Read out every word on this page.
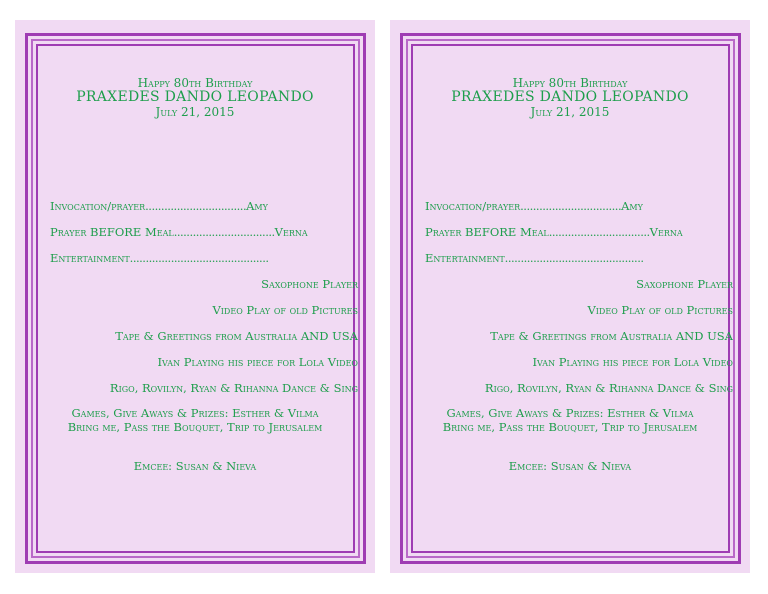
Happy 80th Birthday
PRAXEDES DANDO LEOPANDO
July 21, 2015
Invocation/prayer................................Amy
Prayer BEFORE Meal................................Verna
Entertainment............................................
Saxophone Player
Video Play of old Pictures
Tape & Greetings from Australia AND USA
Ivan Playing his piece for Lola Video
Rigo, Rovilyn, Ryan & Rihanna Dance & Sing
Games, Give Aways & Prizes: Esther & Vilma
Bring me, Pass the Bouquet, Trip to Jerusalem
Emcee: Susan & Nieva
Happy 80th Birthday
PRAXEDES DANDO LEOPANDO
July 21, 2015
Invocation/prayer................................Amy
Prayer BEFORE Meal................................Verna
Entertainment............................................
Saxophone Player
Video Play of old Pictures
Tape & Greetings from Australia AND USA
Ivan Playing his piece for Lola Video
Rigo, Rovilyn, Ryan & Rihanna Dance & Sing
Games, Give Aways & Prizes: Esther & Vilma
Bring me, Pass the Bouquet, Trip to Jerusalem
Emcee: Susan & Nieva
